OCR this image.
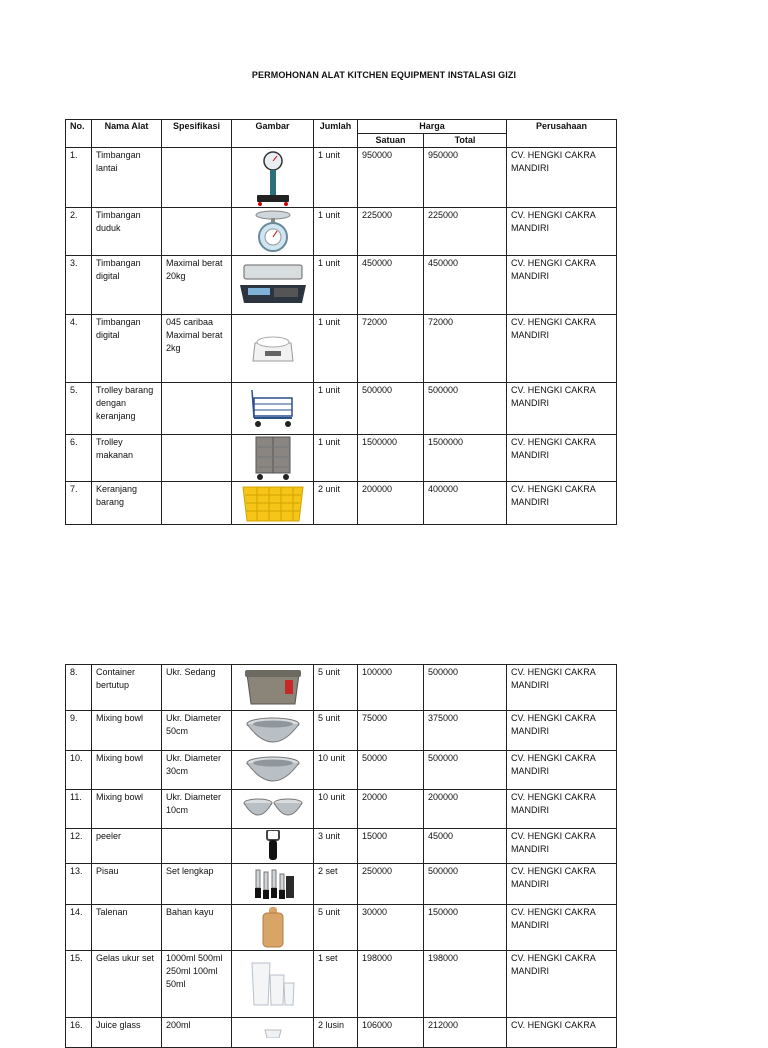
PERMOHONAN ALAT KITCHEN EQUIPMENT INSTALASI GIZI
No.	Nama Alat	Spesifikasi	Gambar	Jumlah	Harga		Perusahaan
					Satuan	Total	
1.	Timbangan lantai			1 unit	950000	950000	CV. HENGKI CAKRA MANDIRI
2.	Timbangan duduk			1 unit	225000	225000	CV. HENGKI CAKRA MANDIRI
3.	Timbangan digital	Maximal berat 20kg		1 unit	450000	450000	CV. HENGKI CAKRA MANDIRI
4.	Timbangan digital	045 caribaa Maximal berat 2kg		1 unit	72000	72000	CV. HENGKI CAKRA MANDIRI
5.	Trolley barang dengan keranjang			1 unit	500000	500000	CV. HENGKI CAKRA MANDIRI
6.	Trolley makanan			1 unit	1500000	1500000	CV. HENGKI CAKRA MANDIRI
7.	Keranjang barang			2 unit	200000	400000	CV. HENGKI CAKRA MANDIRI
8.	Container bertutup	Ukr. Sedang		5 unit	100000	500000	CV. HENGKI CAKRA MANDIRI
9.	Mixing bowl	Ukr. Diameter 50cm		5 unit	75000	375000	CV. HENGKI CAKRA MANDIRI
10.	Mixing bowl	Ukr. Diameter 30cm		10 unit	50000	500000	CV. HENGKI CAKRA MANDIRI
11.	Mixing bowl	Ukr. Diameter 10cm		10 unit	20000	200000	CV. HENGKI CAKRA MANDIRI
12.	peeler			3 unit	15000	45000	CV. HENGKI CAKRA MANDIRI
13.	Pisau	Set lengkap		2 set	250000	500000	CV. HENGKI CAKRA MANDIRI
14.	Talenan	Bahan kayu		5 unit	30000	150000	CV. HENGKI CAKRA MANDIRI
15.	Gelas ukur set	1000ml 500ml 250ml 100ml 50ml		1 set	198000	198000	CV. HENGKI CAKRA MANDIRI
16.	Juice glass	200ml		2 lusin	106000	212000	CV. HENGKI CAKRA
